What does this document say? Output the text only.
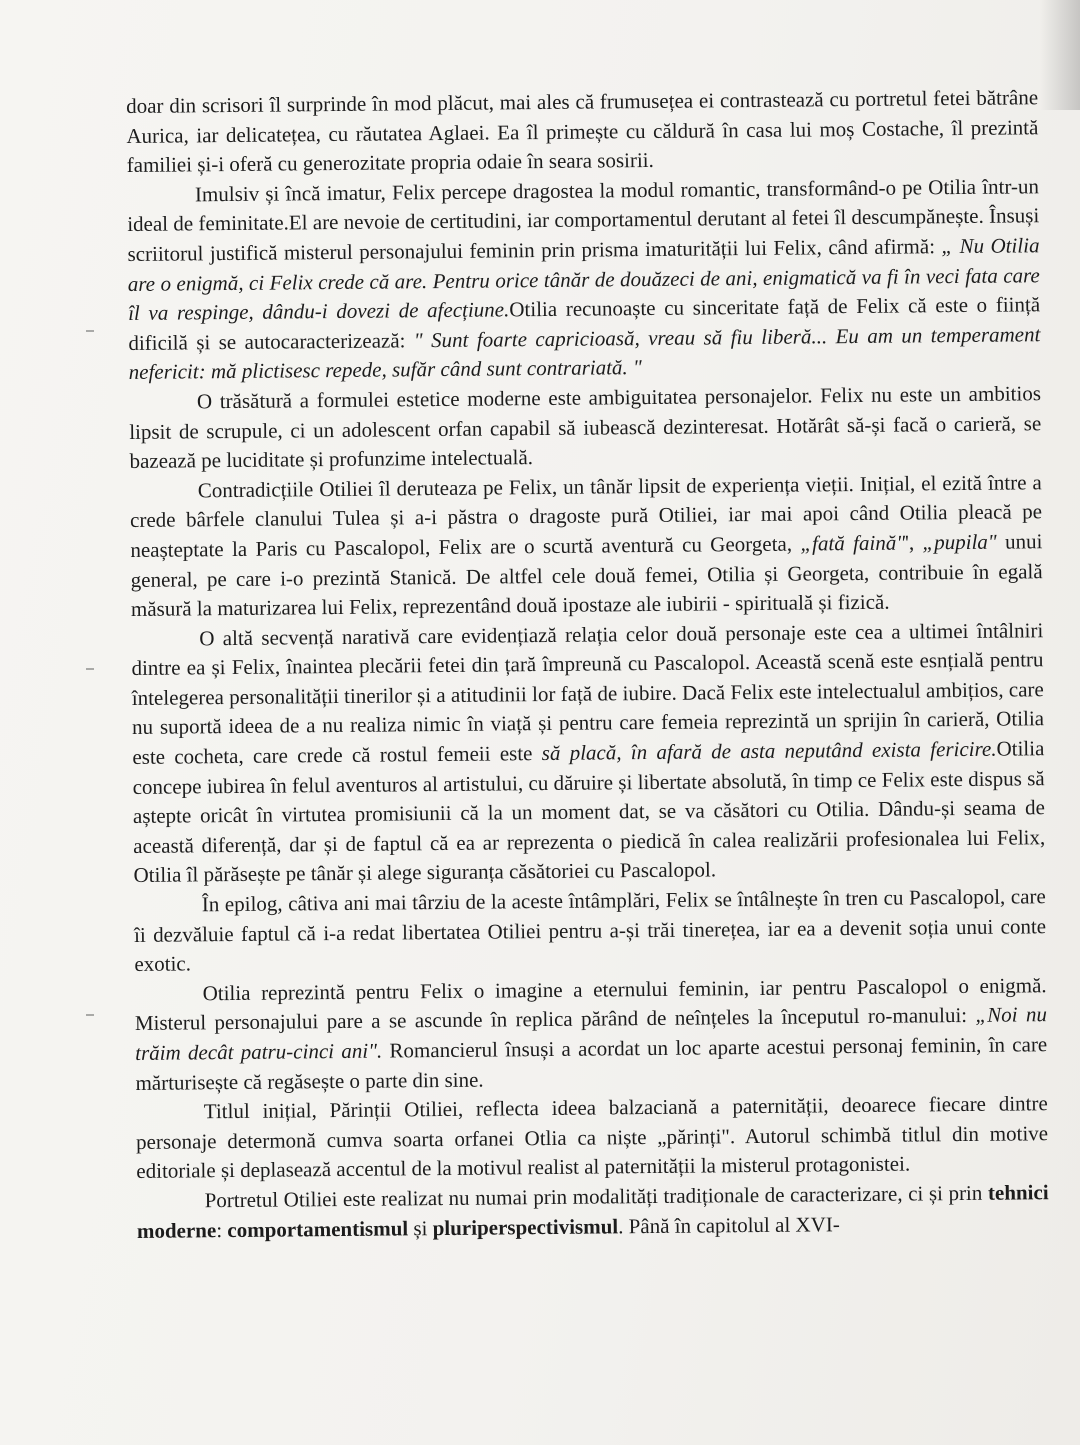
doar din scrisori îl surprinde în mod plăcut, mai ales că frumusețea ei contrastează cu portretul fetei bătrâne Aurica, iar delicatețea, cu răutatea Aglaei. Ea îl primește cu căldură în casa lui moș Costache, îl prezintă familiei și-i oferă cu generozitate propria odaie în seara sosirii.

Imulsiv și încă imatur, Felix percepe dragostea la modul romantic, transformând-o pe Otilia într-un ideal de feminitate.El are nevoie de certitudini, iar comportamentul derutant al fetei îl descumpănește. Însuși scriitorul justifică misterul personajului feminin prin prisma imaturității lui Felix, când afirmă: „ Nu Otilia are o enigmă, ci Felix crede că are. Pentru orice tânăr de douăzeci de ani, enigmatică va fi în veci fata care îl va respinge, dându-i dovezi de afecțiune.Otilia recunoaște cu sinceritate față de Felix că este o ființă dificilă și se autocaracterizează: " Sunt foarte capricioasă, vreau să fiu liberă... Eu am un temperament nefericit: mă plictisesc repede, sufăr când sunt contrariată. "

O trăsătură a formulei estetice moderne este ambiguitatea personajelor. Felix nu este un ambitios lipsit de scrupule, ci un adolescent orfan capabil să iubească dezinteresat. Hotărât să-și facă o carieră, se bazează pe luciditate și profunzime intelectuală.

Contradicțiile Otiliei îl deruteaza pe Felix, un tânăr lipsit de experiența vieții. Inițial, el ezită între a crede bârfele clanului Tulea și a-i păstra o dragoste pură Otiliei, iar mai apoi când Otilia pleacă pe neașteptate la Paris cu Pascalopol, Felix are o scurtă aventură cu Georgeta, „fată faină"', „pupila" unui general, pe care i-o prezintă Stanică. De altfel cele două femei, Otilia și Georgeta, contribuie în egală măsură la maturizarea lui Felix, reprezentând două ipostaze ale iubirii - spirituală și fizică.

O altă secvență narativă care evidențiază relația celor două personaje este cea a ultimei întâlniri dintre ea și Felix, înaintea plecării fetei din țară împreună cu Pascalopol. Această scenă este esnțială pentru întelegerea personalității tinerilor și a atitudinii lor față de iubire. Dacă Felix este intelectualul ambițios, care nu suportă ideea de a nu realiza nimic în viață și pentru care femeia reprezintă un sprijin în carieră, Otilia este cocheta, care crede că rostul femeii este să placă, în afară de asta neputând exista fericire.Otilia concepe iubirea în felul aventuros al artistului, cu dăruire și libertate absolută, în timp ce Felix este dispus să aștepte oricât în virtutea promisiunii că la un moment dat, se va căsători cu Otilia. Dându-și seama de această diferență, dar și de faptul că ea ar reprezenta o piedică în calea realizării profesionalea lui Felix, Otilia îl părăsește pe tânăr și alege siguranța căsătoriei cu Pascalopol.

În epilog, câtiva ani mai târziu de la aceste întâmplări, Felix se întâlnește în tren cu Pascalopol, care îi dezvăluie faptul că i-a redat libertatea Otiliei pentru a-și trăi tinerețea, iar ea a devenit soția unui conte exotic.

Otilia reprezintă pentru Felix o imagine a eternului feminin, iar pentru Pascalopol o enigmă. Misterul personajului pare a se ascunde în replica părând de neînțeles la începutul ro-manului: „Noi nu trăim decât patru-cinci ani". Romancierul însuși a acordat un loc aparte acestui personaj feminin, în care mărturisește că regăsește o parte din sine.

Titlul inițial, Părinții Otiliei, reflecta ideea balzaciană a paternității, deoarece fiecare dintre personaje determonă cumva soarta orfanei Otlia ca niște „părinți". Autorul schimbă titlul din motive editoriale și deplasează accentul de la motivul realist al paternității la misterul protagonistei.

Portretul Otiliei este realizat nu numai prin modalități tradiționale de caracterizare, ci și prin tehnici moderne: comportamentismul și pluriperspectivismul. Până în capitolul al XVI-
